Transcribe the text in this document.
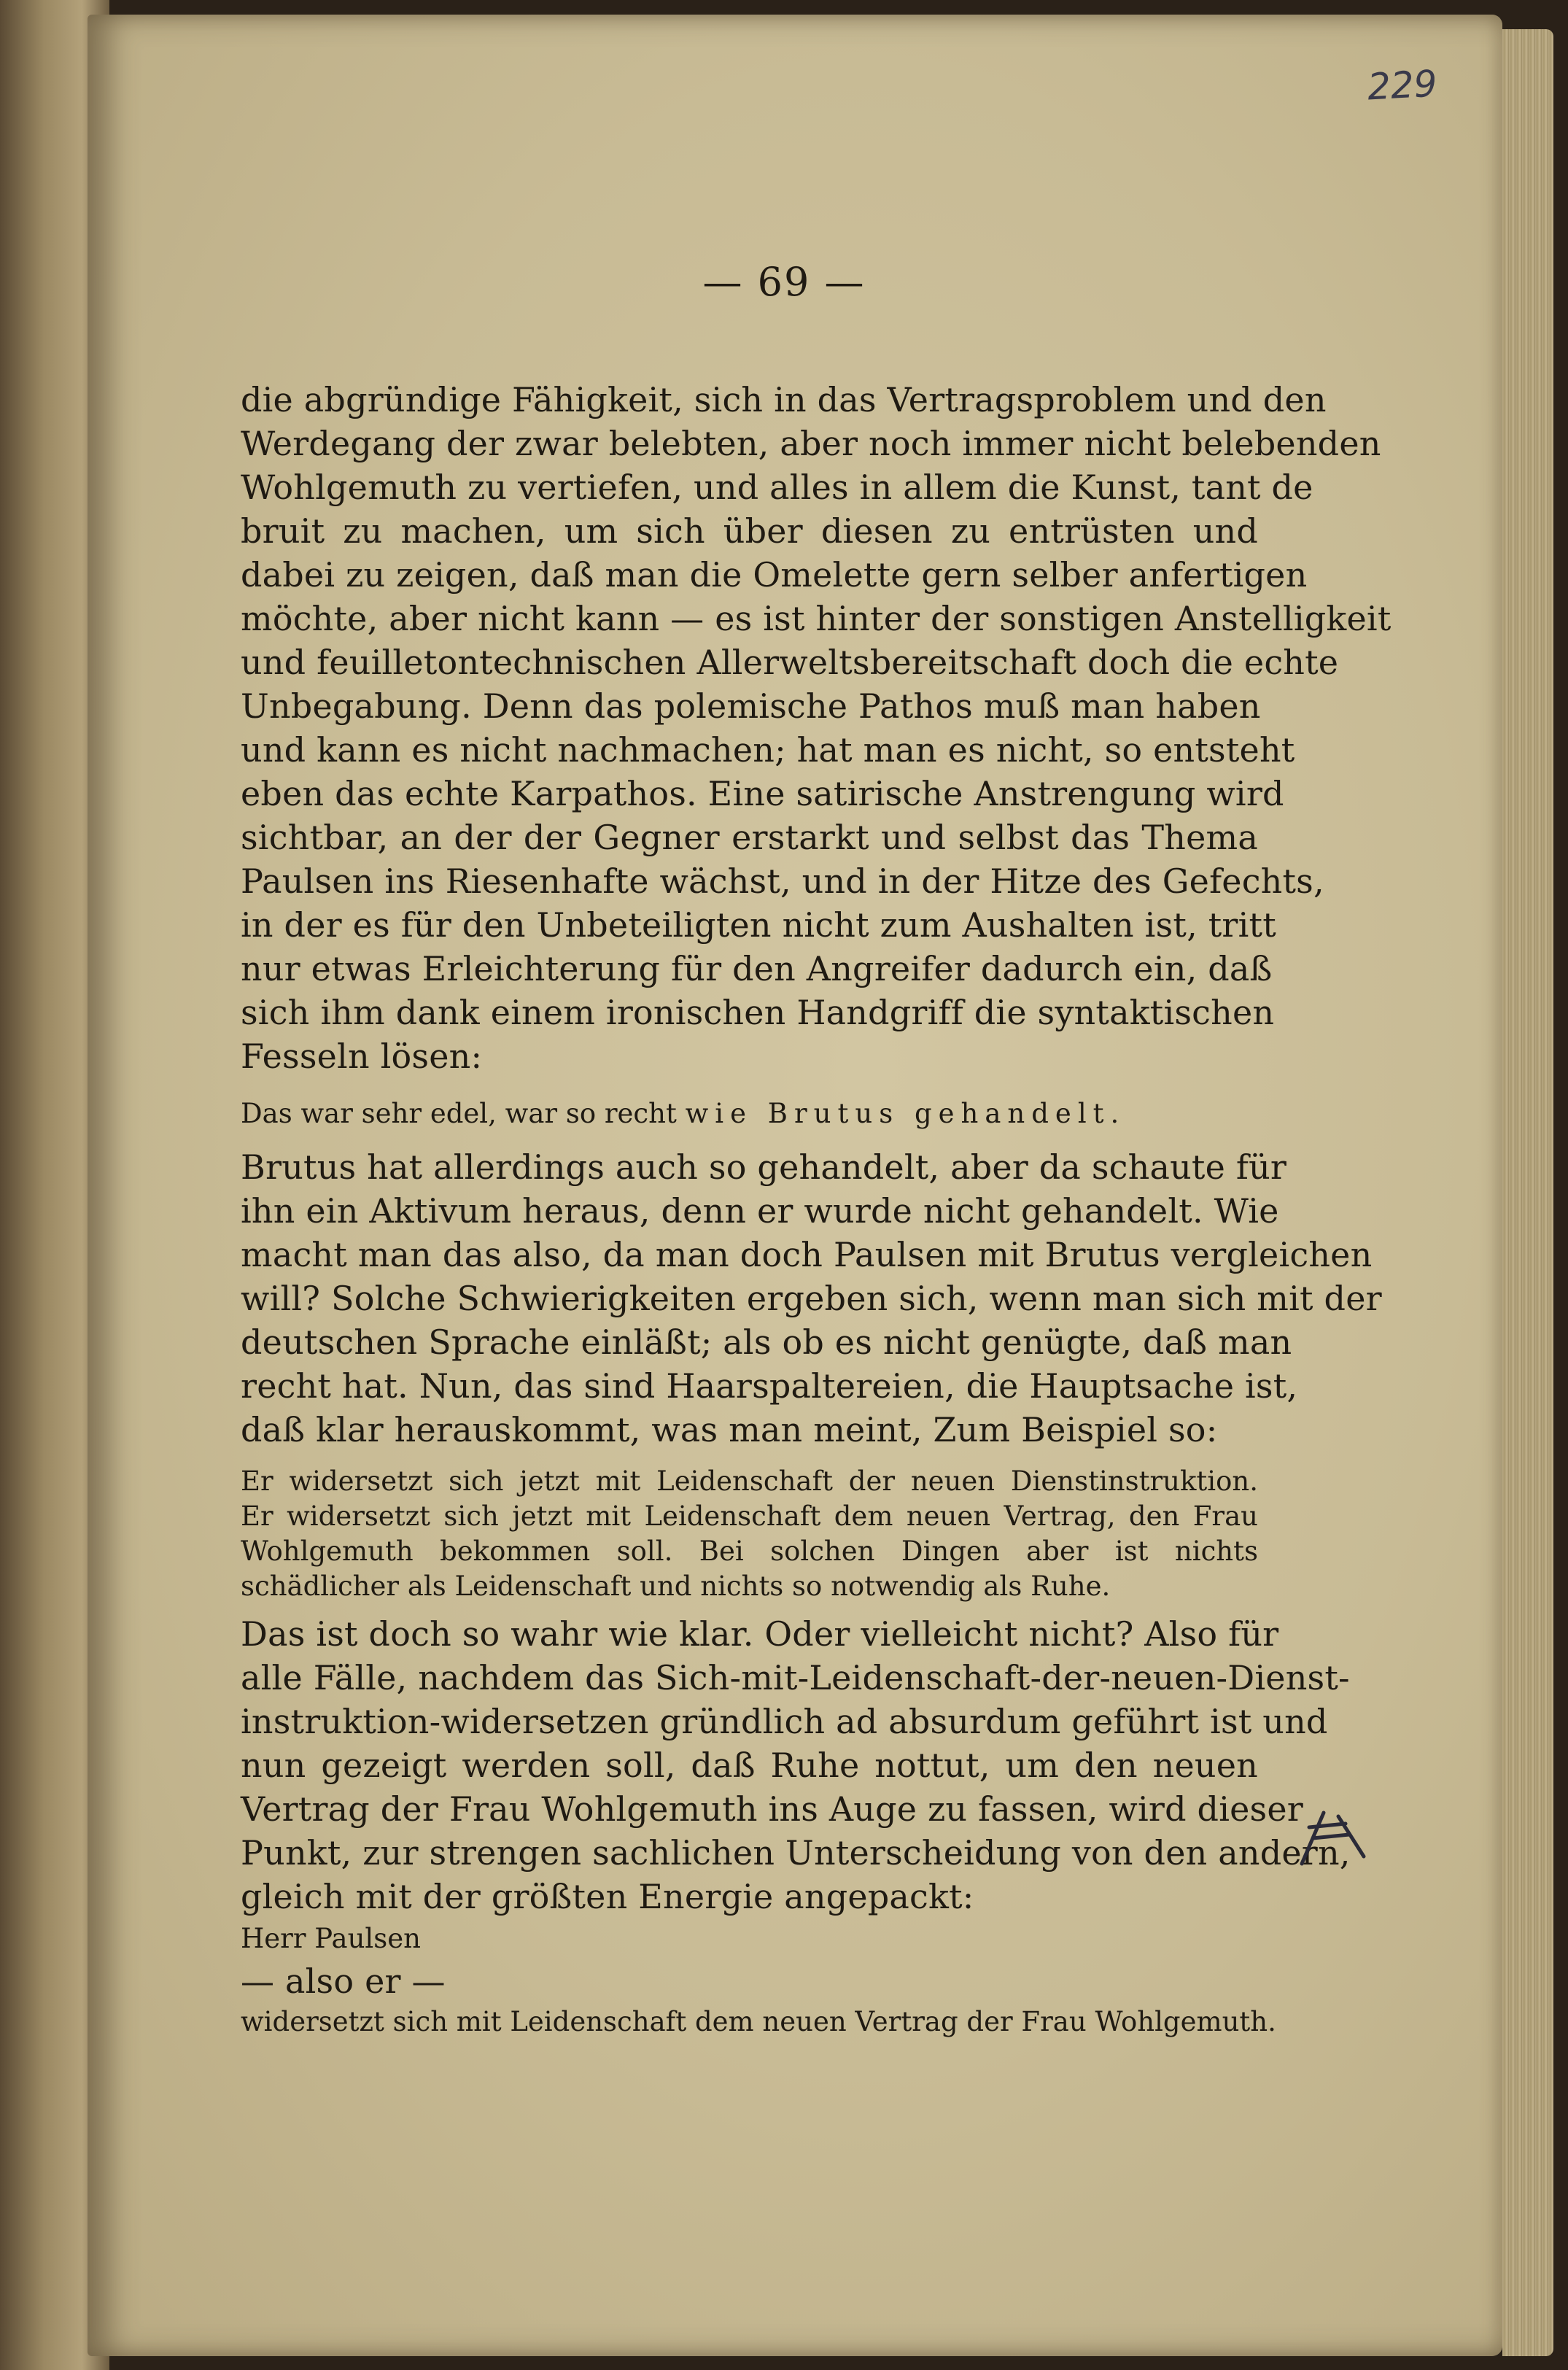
229
— 69 —
die abgründige Fähigkeit, sich in das Vertragsproblem und den
Werdegang der zwar belebten, aber noch immer nicht belebenden
Wohlgemuth zu vertiefen, und alles in allem die Kunst, tant de
bruit zu machen, um sich über diesen zu entrüsten und
dabei zu zeigen, daß man die Omelette gern selber anfertigen
möchte, aber nicht kann — es ist hinter der sonstigen Anstelligkeit
und feuilletontechnischen Allerweltsbereitschaft doch die echte
Unbegabung. Denn das polemische Pathos muß man haben
und kann es nicht nachmachen; hat man es nicht, so entsteht
eben das echte Karpathos. Eine satirische Anstrengung wird
sichtbar, an der der Gegner erstarkt und selbst das Thema
Paulsen ins Riesenhafte wächst, und in der Hitze des Gefechts,
in der es für den Unbeteiligten nicht zum Aushalten ist, tritt
nur etwas Erleichterung für den Angreifer dadurch ein, daß
sich ihm dank einem ironischen Handgriff die syntaktischen
Fesseln lösen:
Das war sehr edel, war so recht wie Brutus gehandelt.
Brutus hat allerdings auch so gehandelt, aber da schaute für
ihn ein Aktivum heraus, denn er wurde nicht gehandelt. Wie
macht man das also, da man doch Paulsen mit Brutus vergleichen
will? Solche Schwierigkeiten ergeben sich, wenn man sich mit der
deutschen Sprache einläßt; als ob es nicht genügte, daß man
recht hat. Nun, das sind Haarspaltereien, die Hauptsache ist,
daß klar herauskommt, was man meint, Zum Beispiel so:
Er widersetzt sich jetzt mit Leidenschaft der neuen Dienstinstruktion.
Er widersetzt sich jetzt mit Leidenschaft dem neuen Vertrag, den Frau
Wohlgemuth bekommen soll. Bei solchen Dingen aber ist nichts
schädlicher als Leidenschaft und nichts so notwendig als Ruhe.
Das ist doch so wahr wie klar. Oder vielleicht nicht? Also für
alle Fälle, nachdem das Sich-mit-Leidenschaft-der-neuen-Dienst-
instruktion-widersetzen gründlich ad absurdum geführt ist und
nun gezeigt werden soll, daß Ruhe nottut, um den neuen
Vertrag der Frau Wohlgemuth ins Auge zu fassen, wird dieser
Punkt, zur strengen sachlichen Unterscheidung von den andern,
gleich mit der größten Energie angepackt:
Herr Paulsen
— also er —
widersetzt sich mit Leidenschaft dem neuen Vertrag der Frau Wohlgemuth.
